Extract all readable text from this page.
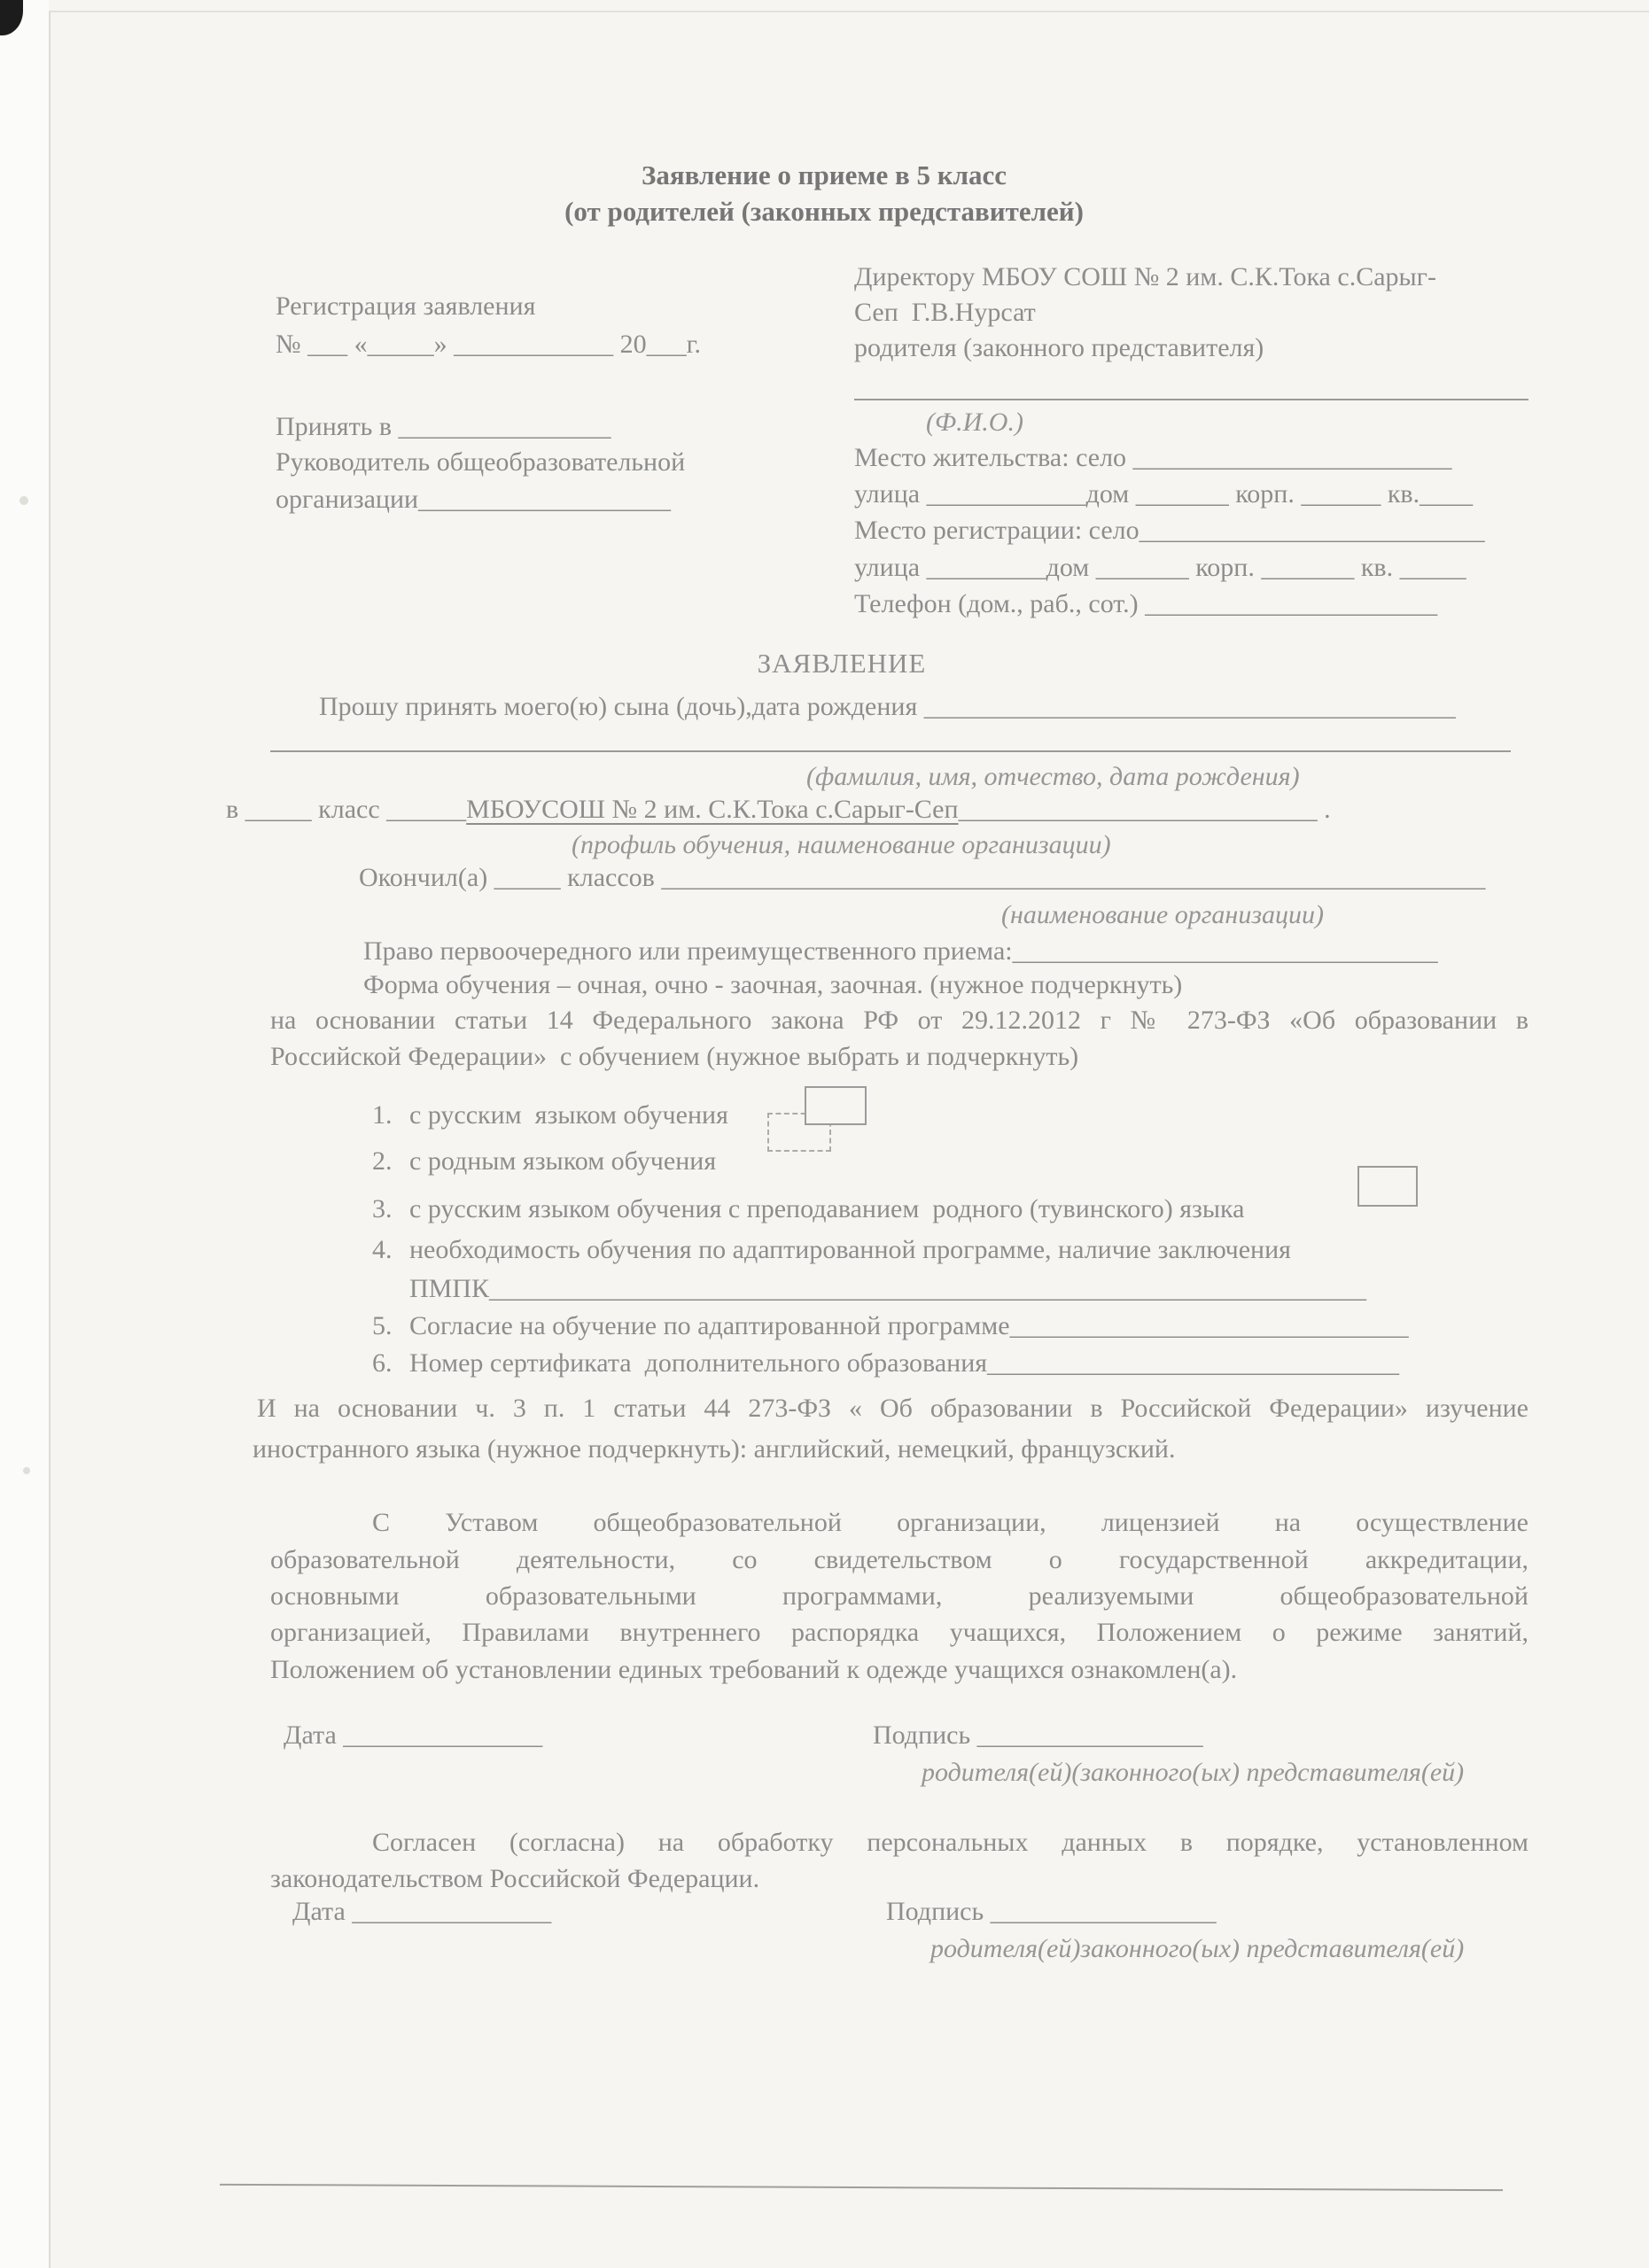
Заявление о приеме в 5 класс
(от родителей (законных представителей)
Регистрация заявления
№ ___ «_____» ____________ 20___г.
Принять в ________________
Руководитель общеобразовательной
организации___________________
Директору МБОУ СОШ № 2 им. С.К.Тока с.Сарыг-
Сеп  Г.В.Нурсат
родителя (законного представителя)
(Ф.И.О.)
Место жительства: село ________________________
улица ____________дом _______ корп. ______ кв.____
Место регистрации: село__________________________
улица _________дом _______ корп. _______ кв. _____
Телефон (дом., раб., сот.) ______________________
ЗАЯВЛЕНИЕ
Прошу принять моего(ю) сына (дочь),дата рождения ________________________________________
(фамилия, имя, отчество, дата рождения)
в _____ класс ______МБОУСОШ № 2 им. С.К.Тока с.Сарыг-Сеп___________________________ .
(профиль обучения, наименование организации)
Окончил(а) _____ классов ______________________________________________________________
(наименование организации)
Право первоочередного или преимущественного приема:________________________________
Форма обучения – очная, очно - заочная, заочная. (нужное подчеркнуть)
на основании статьи 14 Федерального закона РФ от 29.12.2012 г № 273-ФЗ «Об образовании в
Российской Федерации»  с обучением (нужное выбрать и подчеркнуть)
1. с русским  языком обучения
2. с родным языком обучения
3. с русским языком обучения с преподаванием  родного (тувинского) языка
4. необходимость обучения по адаптированной программе, наличие заключения
ПМПК__________________________________________________________________
5. Согласие на обучение по адаптированной программе______________________________
6. Номер сертификата  дополнительного образования_______________________________
И на основании ч. 3 п. 1 статьи 44 273-ФЗ « Об образовании в Российской Федерации» изучение
иностранного языка (нужное подчеркнуть): английский, немецкий, французский.
С Уставом общеобразовательной организации, лицензией на осуществление
образовательной деятельности, со свидетельством о государственной аккредитации,
основными образовательными программами, реализуемыми общеобразовательной
организацией, Правилами внутреннего распорядка учащихся, Положением о режиме занятий,
Положением об установлении единых требований к одежде учащихся ознакомлен(а).
Дата _______________	Подпись _________________
родителя(ей)(законного(ых) представителя(ей)
Согласен (согласна) на обработку персональных данных в порядке, установленном
законодательством Российской Федерации.
Дата _______________	Подпись _________________
родителя(ей)законного(ых) представителя(ей)
